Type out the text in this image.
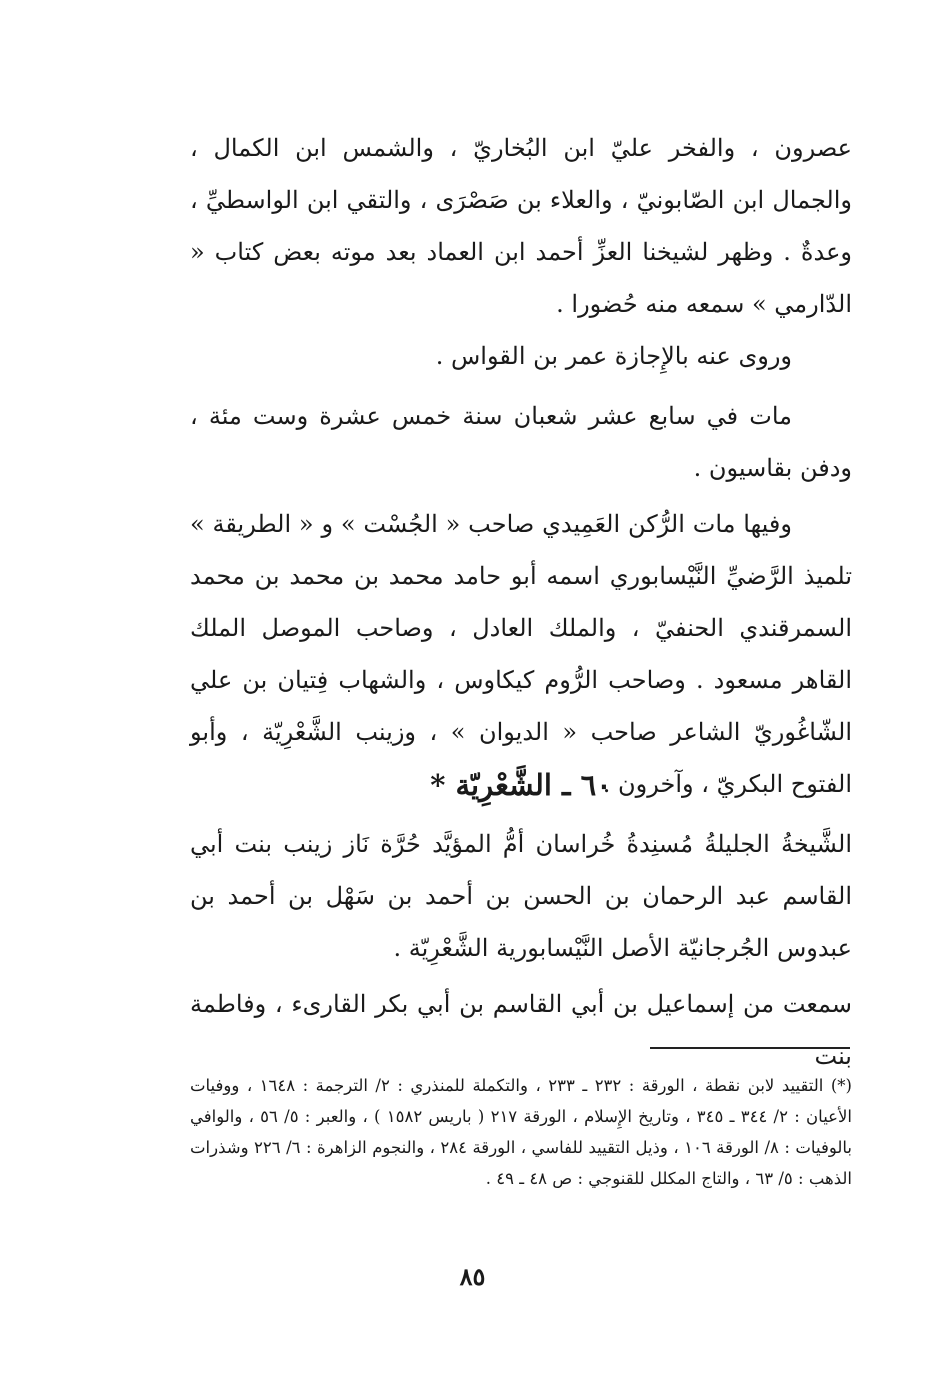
عصرون ، والفخر عليّ ابن البُخاريّ ، والشمس ابن الكمال ، والجمال ابن الصّابونيّ ، والعلاء بن صَصْرَى ، والتقي ابن الواسطيِّ ، وعدةٌ . وظهر لشيخنا العزِّ أحمد ابن العماد بعد موته بعض كتاب « الدّارمي » سمعه منه حُضورا .

وروى عنه بالإِجازة عمر بن القواس .

مات في سابع عشر شعبان سنة خمس عشرة وست مئة ، ودفن بقاسيون .

وفيها مات الرُّكن العَمِيدي صاحب « الجُسْت » و « الطريقة » تلميذ الرَّضيِّ النَّيْسابوري اسمه أبو حامد محمد بن محمد بن محمد السمرقندي الحنفيّ ، والملك العادل ، وصاحب الموصل الملك القاهر مسعود . وصاحب الرُّوم كيكاوس ، والشهاب فِتيان بن علي الشّاغُوريّ الشاعر صاحب « الديوان » ، وزينب الشَّعْرِيّة ، وأبو الفتوح البكريّ ، وآخرون .

٦٠ ـ الشَّعْرِيّة *

الشَّيخةُ الجليلةُ مُسنِدةُ خُراسان أمُّ المؤيَّد حُرَّة نَاز زينب بنت أبي القاسم عبد الرحمان بن الحسن بن أحمد بن سَهْل بن أحمد بن عبدوس الجُرجانيّة الأصل النَّيْسابورية الشَّعْرِيّة .

سمعت من إسماعيل بن أبي القاسم بن أبي بكر القارىء ، وفاطمة بنت

(*) التقييد لابن نقطة ، الورقة : ٢٣٢ ـ ٢٣٣ ، والتكملة للمنذري : ٢/ الترجمة : ١٦٤٨ ، ووفيات الأعيان : ٢/ ٣٤٤ ـ ٣٤٥ ، وتاريخ الإِسلام ، الورقة ٢١٧ ( باريس ١٥٨٢ ) ، والعبر : ٥/ ٥٦ ، والوافي بالوفيات : ٨/ الورقة ١٠٦ ، وذيل التقييد للفاسي ، الورقة ٢٨٤ ، والنجوم الزاهرة : ٦/ ٢٢٦ وشذرات الذهب : ٥/ ٦٣ ، والتاج المكلل للقنوجي : ص ٤٨ ـ ٤٩ .

٨٥
